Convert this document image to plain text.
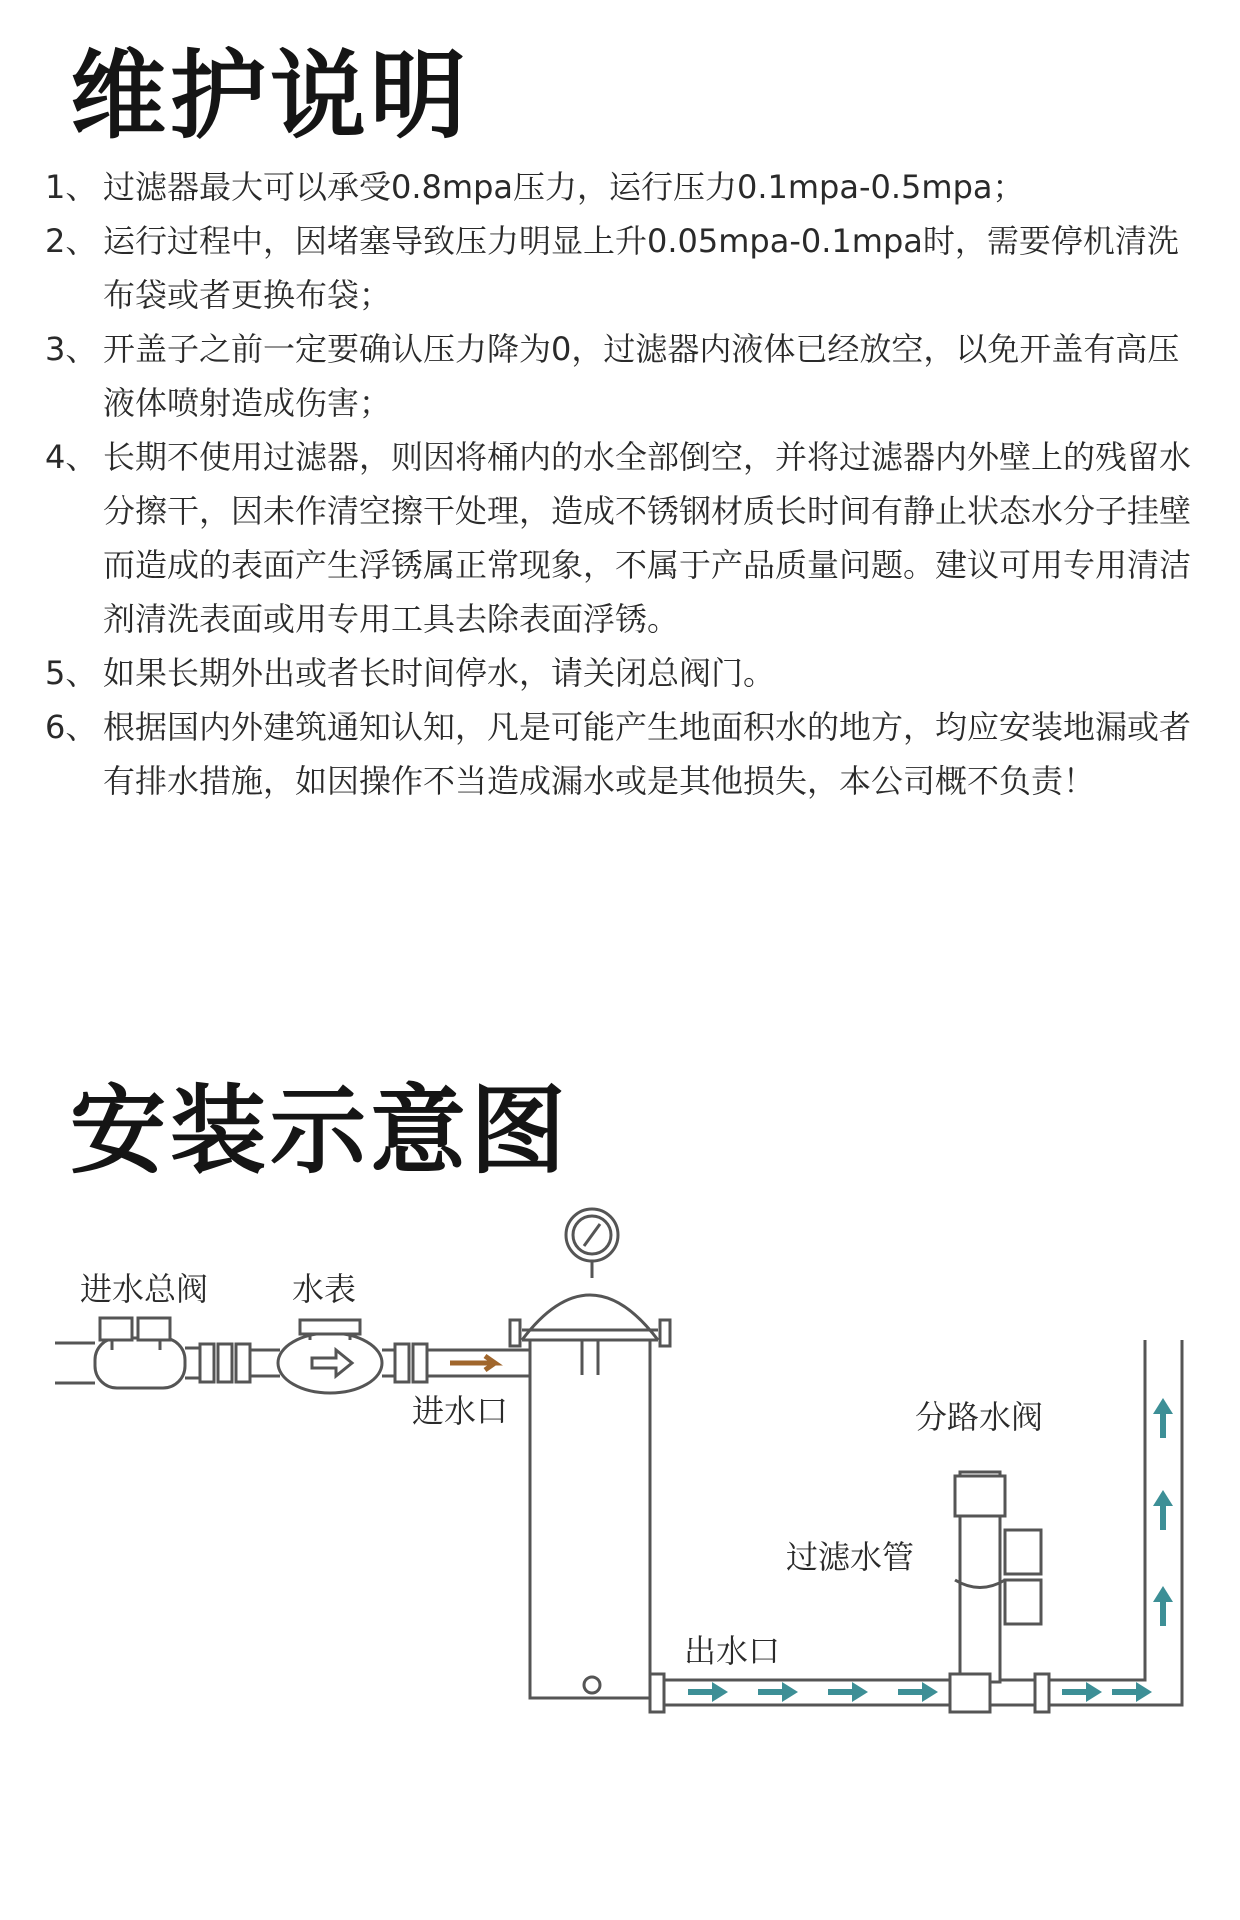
维护说明
1、 过滤器最大可以承受0.8mpa压力，运行压力0.1mpa-0.5mpa；
2、 运行过程中，因堵塞导致压力明显上升0.05mpa-0.1mpa时，需要停机清洗布袋或者更换布袋；
3、 开盖子之前一定要确认压力降为0，过滤器内液体已经放空，以免开盖有高压液体喷射造成伤害；
4、 长期不使用过滤器，则因将桶内的水全部倒空，并将过滤器内外壁上的残留水分擦干，因未作清空擦干处理，造成不锈钢材质长时间有静止状态水分子挂壁而造成的表面产生浮锈属正常现象，不属于产品质量问题。建议可用专用清洁剂清洗表面或用专用工具去除表面浮锈。
5、 如果长期外出或者长时间停水，请关闭总阀门。
6、 根据国内外建筑通知认知，凡是可能产生地面积水的地方，均应安装地漏或者有排水措施，如因操作不当造成漏水或是其他损失，本公司概不负责！
安装示意图
进水总阀	水表
进水口	分路水阀
过滤水管
出水口
